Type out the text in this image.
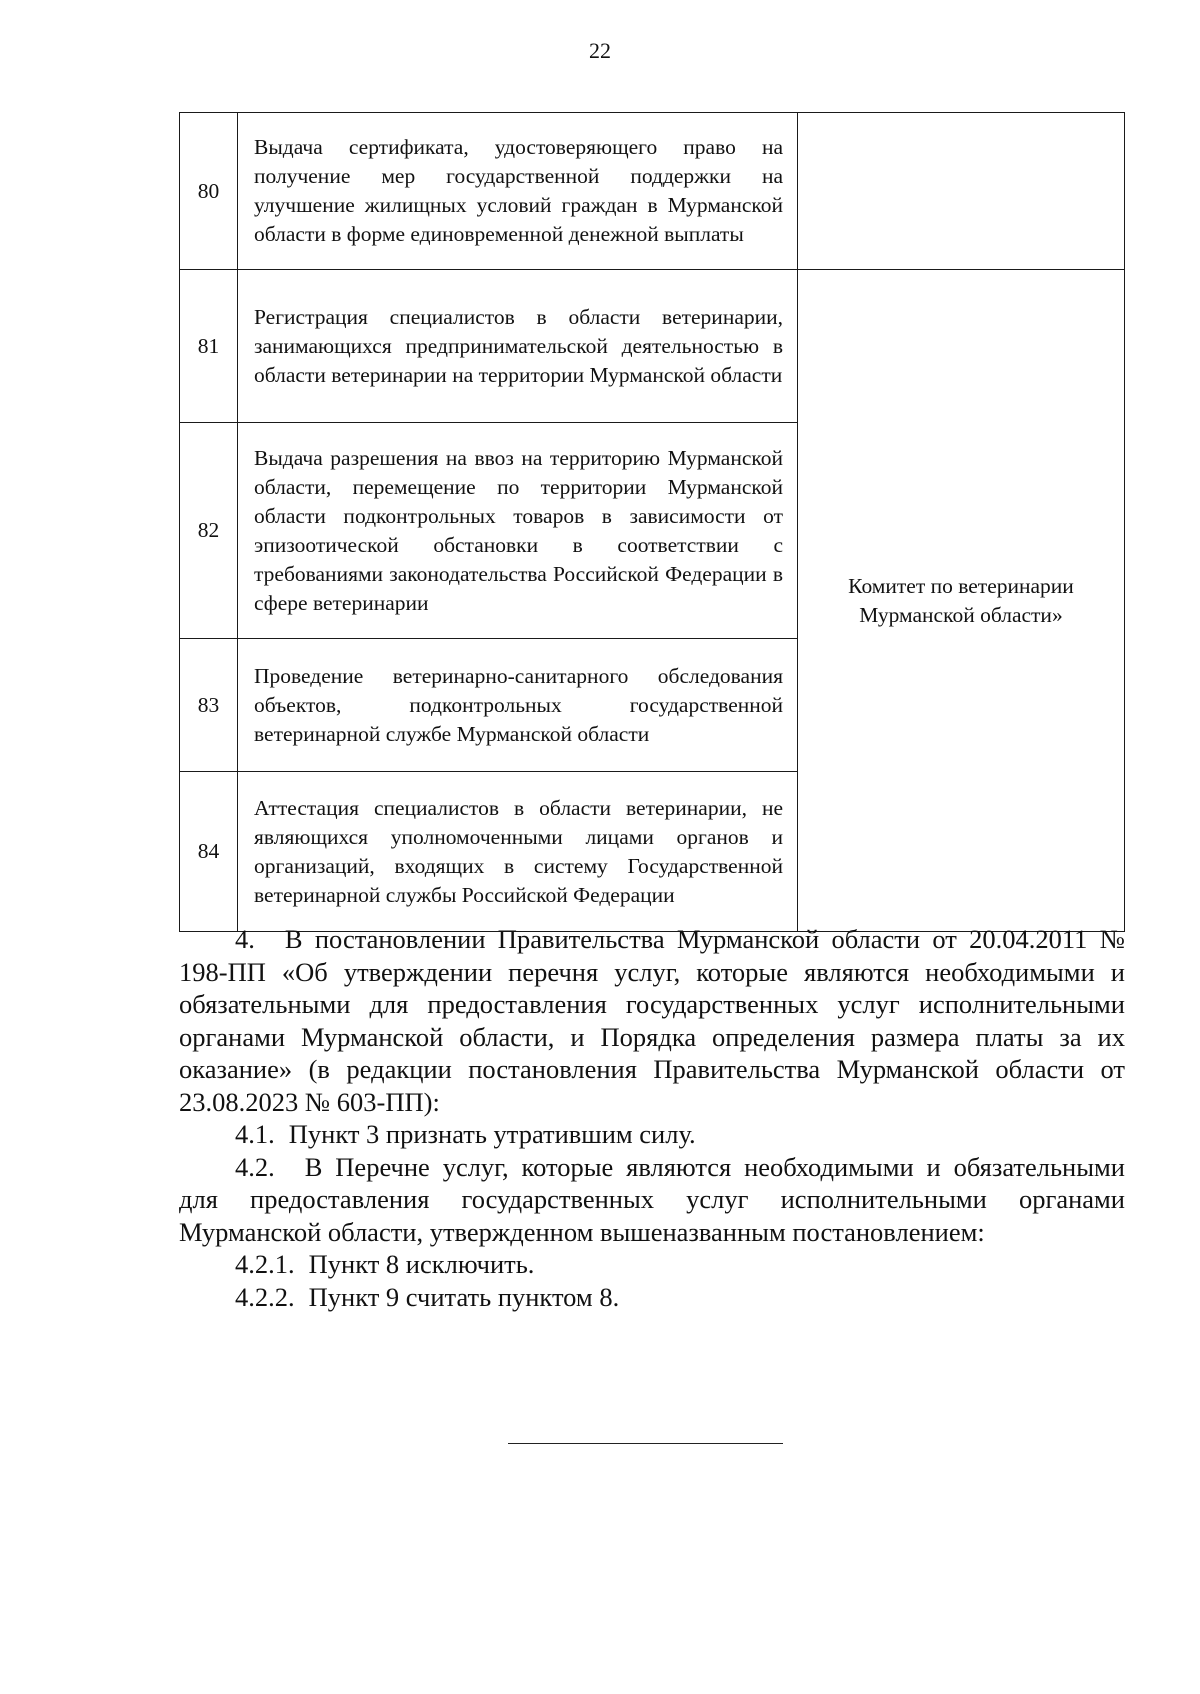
22
80	Выдача сертификата, удостоверяющего право на получение мер государственной поддержки на улучшение жилищных условий граждан в Мурманской области в форме единовременной денежной выплаты	

81	Регистрация специалистов в области ветеринарии, занимающихся предпринимательской деятельностью в области ветеринарии на территории Мурманской области	Комитет по ветеринарии Мурманской области»
82	Выдача разрешения на ввоз на территорию Мурманской области, перемещение по территории Мурманской области подконтрольных товаров в зависимости от эпизоотической обстановки в соответствии с требованиями законодательства Российской Федерации в сфере ветеринарии	

83	Проведение ветеринарно-санитарного обследования объектов, подконтрольных государственной ветеринарной службе Мурманской области	

84	Аттестация специалистов в области ветеринарии, не являющихся уполномоченными лицами органов и организаций, входящих в систему Государственной ветеринарной службы Российской Федерации	

4. В постановлении Правительства Мурманской области от 20.04.2011 № 198-ПП «Об утверждении перечня услуг, которые являются необходимыми и обязательными для предоставления государственных услуг исполнительными органами Мурманской области, и Порядка определения размера платы за их оказание» (в редакции постановления Правительства Мурманской области от 23.08.2023 № 603-ПП):

4.1. Пункт 3 признать утратившим силу.

4.2. В Перечне услуг, которые являются необходимыми и обязательными для предоставления государственных услуг исполнительными органами Мурманской области, утвержденном вышеназванным постановлением:

4.2.1. Пункт 8 исключить.

4.2.2. Пункт 9 считать пунктом 8.
